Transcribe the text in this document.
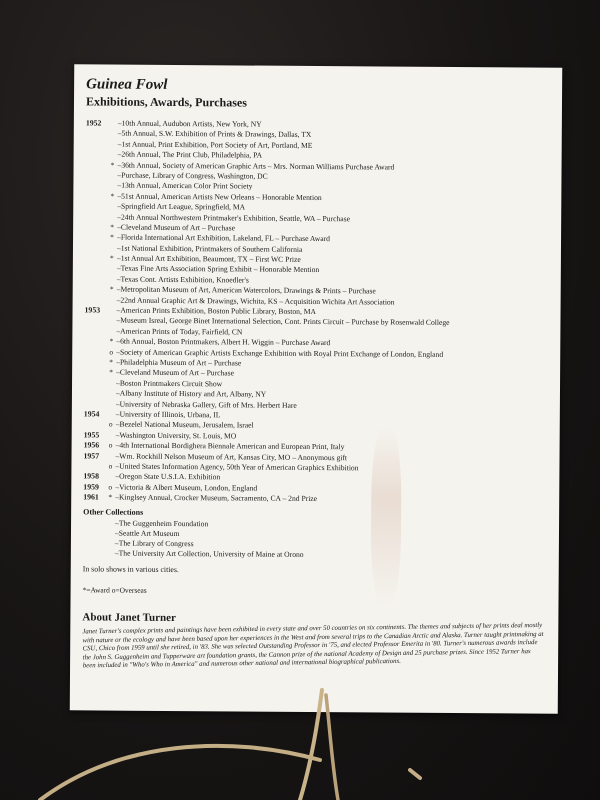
Guinea Fowl
Exhibitions, Awards, Purchases
1952	–10th Annual, Audubon Artists, New York, NY
–5th Annual, S.W. Exhibition of Prints & Drawings, Dallas, TX
–1st Annual, Print Exhibition, Port Society of Art, Portland, ME
–26th Annual, The Print Club, Philadelphia, PA
* –36th Annual, Society of American Graphic Arts – Mrs. Norman Williams Purchase Award
–Purchase, Library of Congress, Washington, DC
–13th Annual, American Color Print Society
* –51st Annual, American Artists New Orleans – Honorable Mention
–Springfield Art League, Springfield, MA
–24th Annual Northwestern Printmaker's Exhibition, Seattle, WA – Purchase
* –Cleveland Museum of Art – Purchase
* –Florida International Art Exhibition, Lakeland, FL – Purchase Award
–1st National Exhibition, Printmakers of Southern California
* –1st Annual Art Exhibition, Beaumont, TX – First WC Prize
–Texas Fine Arts Association Spring Exhibit – Honorable Mention
–Texas Cont. Artists Exhibition, Knoedler's
* –Metropolitan Museum of Art, American Watercolors, Drawings & Prints – Purchase
–22nd Annual Graphic Art & Drawings, Wichita, KS – Acquisition Wichita Art Association
1953	–American Prints Exhibition, Boston Public Library, Boston, MA
–Museum Isreal, George Binet International Selection, Cont. Prints Circuit – Purchase by Rosenwald College
–American Prints of Today, Fairfield, CN
* –6th Annual, Boston Printmakers, Albert H. Wiggin – Purchase Award
o –Society of American Graphic Artists Exchange Exhibition with Royal Print Exchange of London, England
* –Philadelphia Museum of Art – Purchase
* –Cleveland Museum of Art – Purchase
–Boston Printmakers Circuit Show
–Albany Institute of History and Art, Albany, NY
–University of Nebraska Gallery, Gift of Mrs. Herbert Hare
1954	–University of Illinois, Urbana, IL
o –Bezelel National Museum, Jerusalem, Israel
1955	–Washington University, St. Louis, MO
1956	o –4th International Bordighera Biennale American and European Print, Italy
1957	–Wm. Rockhill Nelson Museum of Art, Kansas City, MO – Anonymous gift
o –United States Information Agency, 50th Year of American Graphics Exhibition
1958	–Oregon State U.S.I.A. Exhibition
1959	o –Victoria & Albert Museum, London, England
1961	* –Kinglsey Annual, Crocker Museum, Sacramento, CA – 2nd Prize
Other Collections
–The Guggenheim Foundation
–Seattle Art Museum
–The Library of Congress
–The University Art Collection, University of Maine at Orono
In solo shows in various cities.
*=Award o=Overseas
About Janet Turner
Janet Turner's complex prints and paintings have been exhibited in every state and over 50 countries on six continents. The themes and subjects of her prints deal mostly with nature or the ecology and have been based upon her experiences in the West and from several trips to the Canadian Arctic and Alaska. Turner taught printmaking at CSU, Chico from 1959 until she retired, in '83. She was selected Outstanding Professor in '75, and elected Professor Emerita in '80. Turner's numerous awards include the John S. Guggenheim and Tupperware art foundation grants, the Cannon prize of the national Academy of Design and 25 purchase prizes. Since 1952 Turner has been included in "Who's Who in America" and numerous other national and international biographical publications.
